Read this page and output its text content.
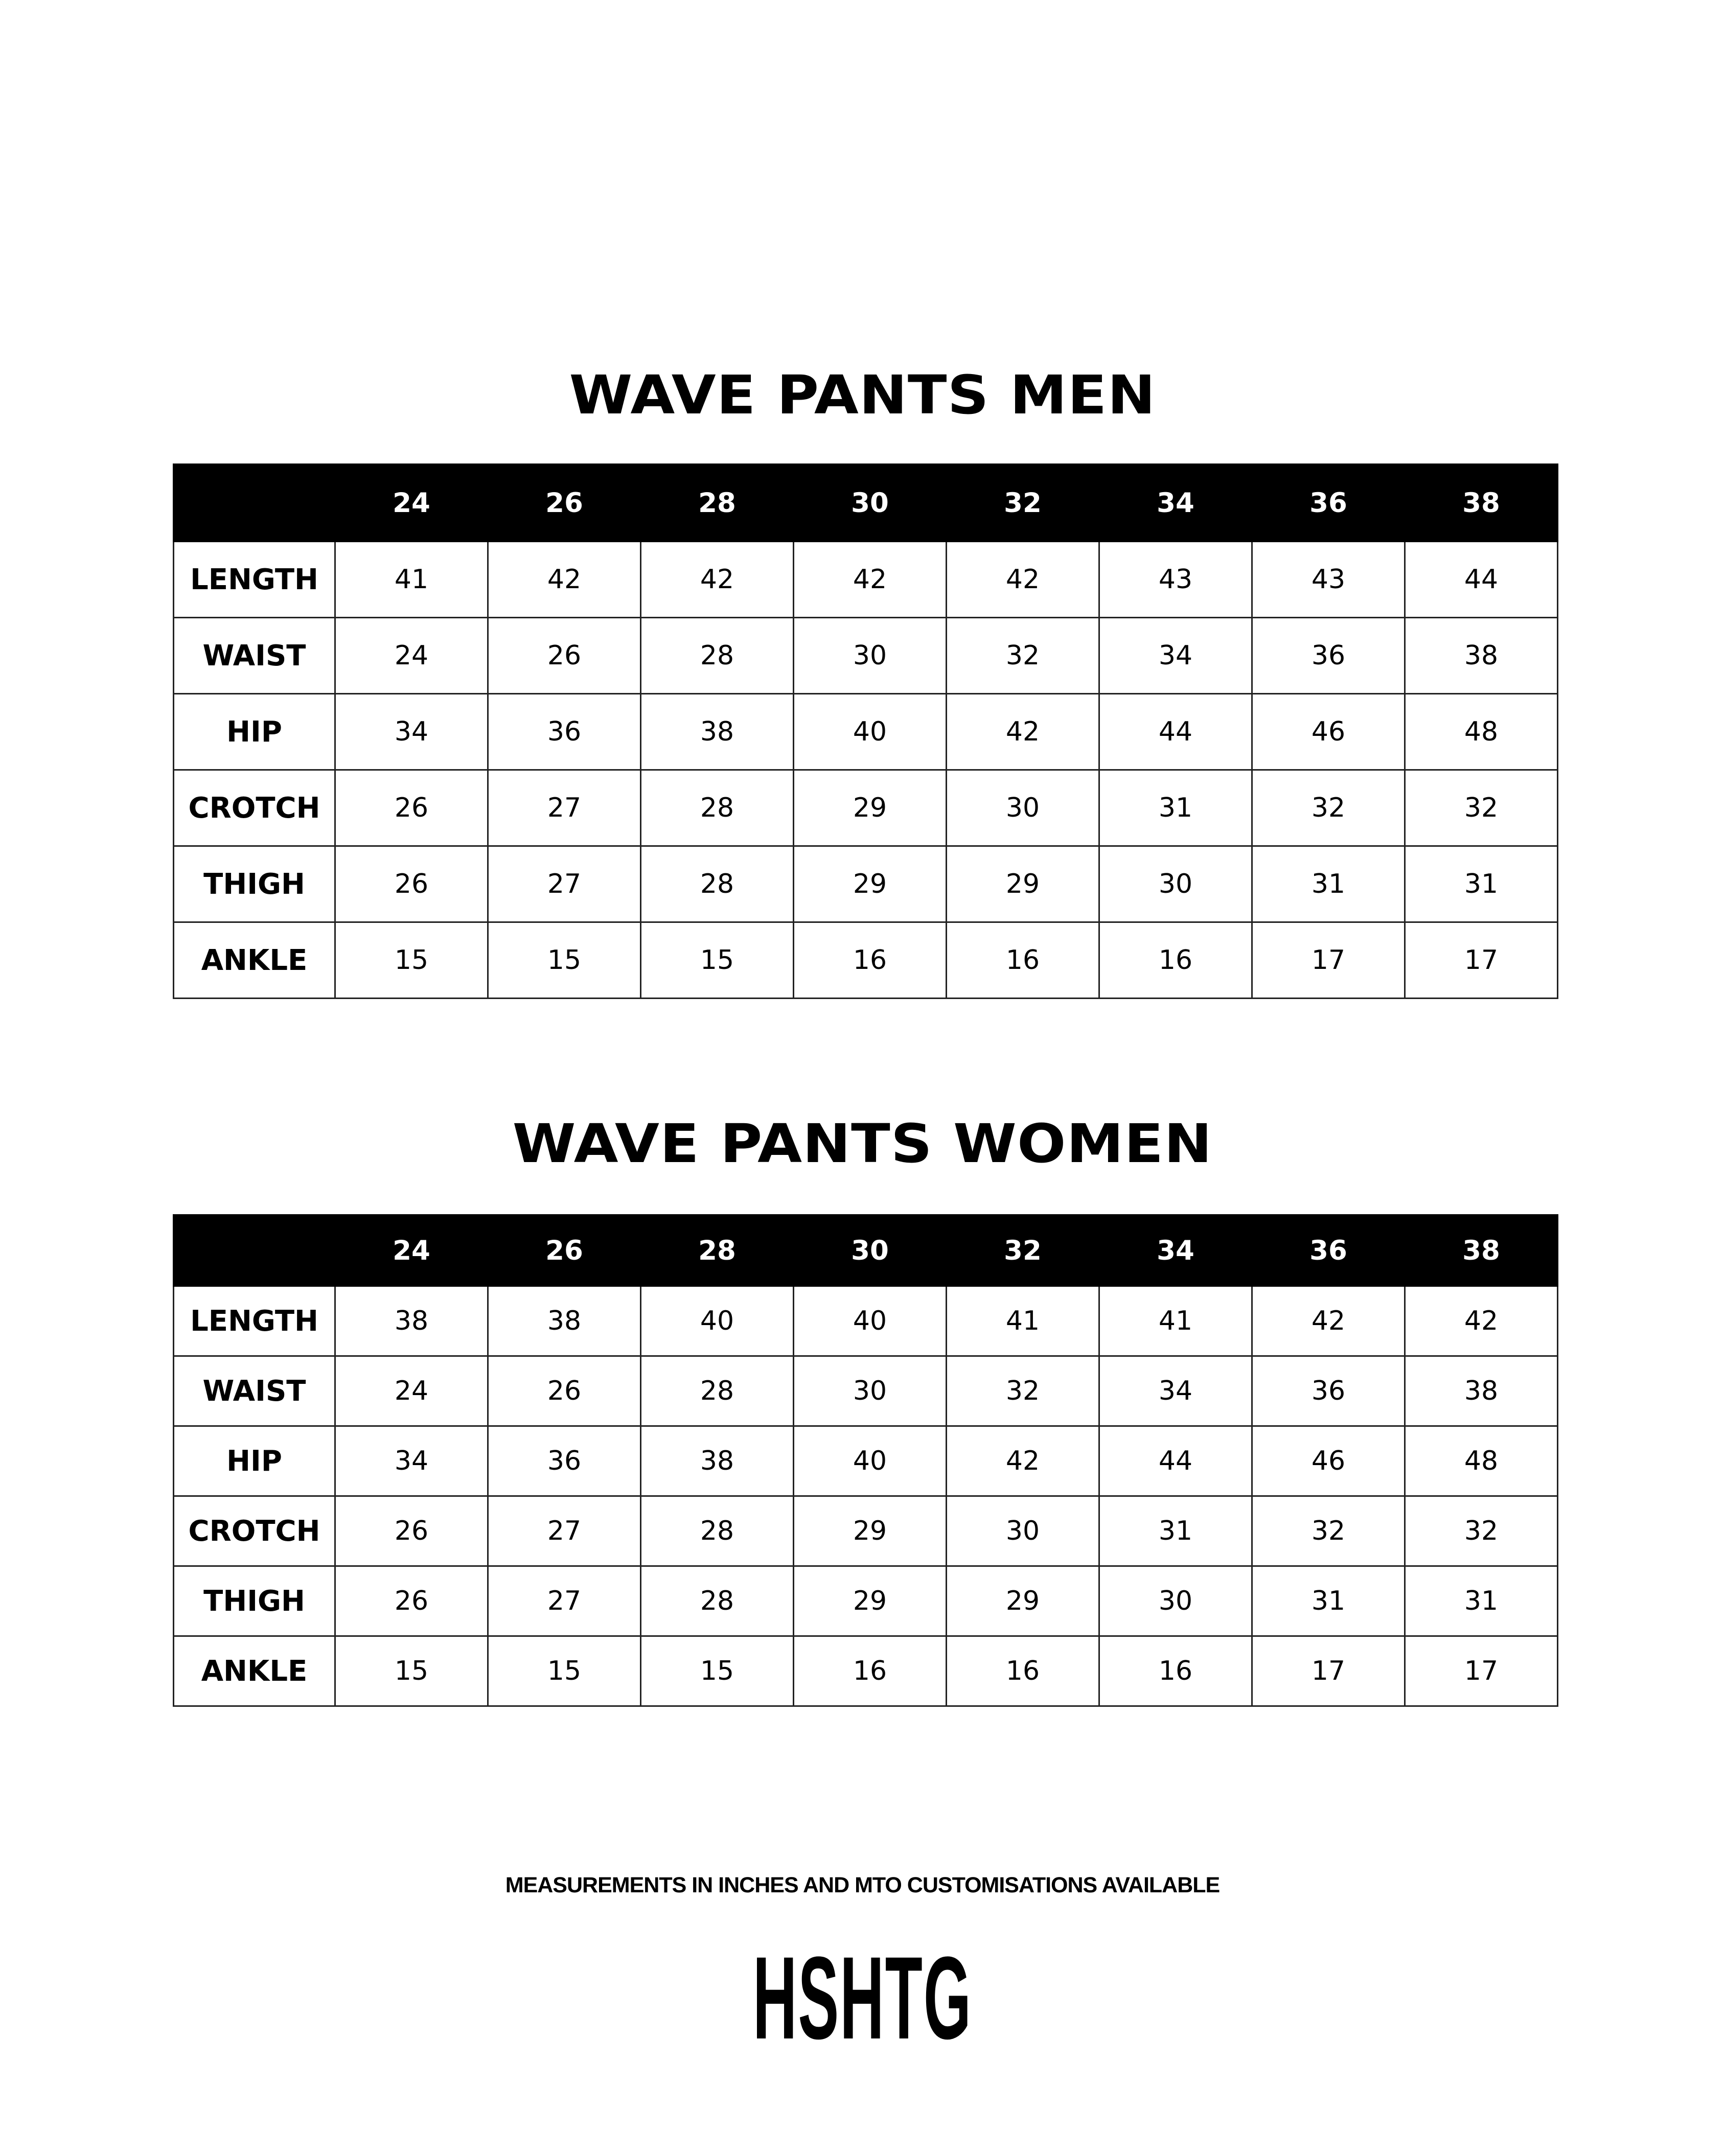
WAVE PANTS MEN
	24	26	28	30	32	34	36	38
LENGTH	41	42	42	42	42	43	43	44
WAIST	24	26	28	30	32	34	36	38
HIP	34	36	38	40	42	44	46	48
CROTCH	26	27	28	29	30	31	32	32
THIGH	26	27	28	29	29	30	31	31
ANKLE	15	15	15	16	16	16	17	17
WAVE PANTS WOMEN
	24	26	28	30	32	34	36	38
LENGTH	38	38	40	40	41	41	42	42
WAIST	24	26	28	30	32	34	36	38
HIP	34	36	38	40	42	44	46	48
CROTCH	26	27	28	29	30	31	32	32
THIGH	26	27	28	29	29	30	31	31
ANKLE	15	15	15	16	16	16	17	17

MEASUREMENTS IN INCHES AND MTO CUSTOMISATIONS AVAILABLE

HSHTG
